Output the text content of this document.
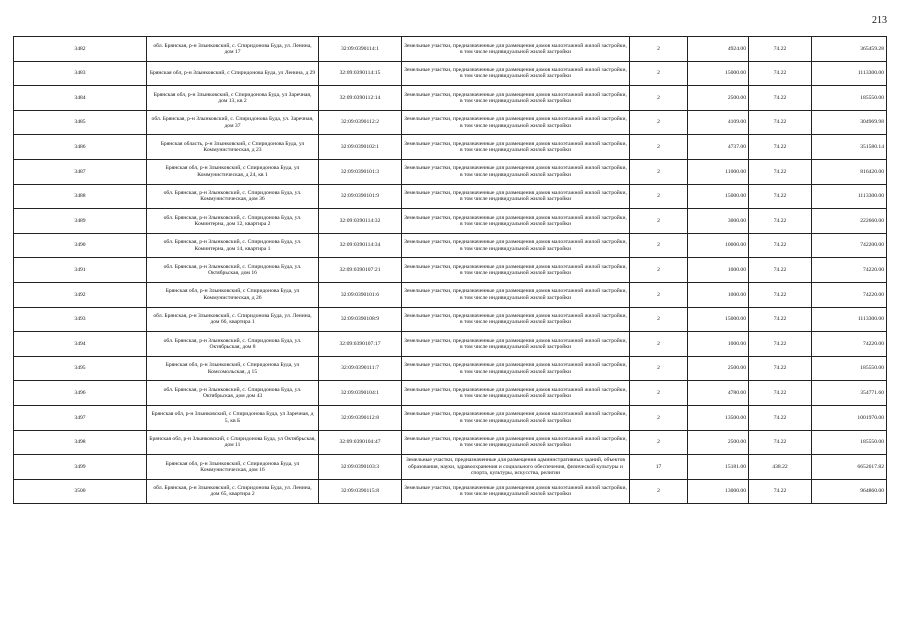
213
3482	обл. Брянская, р-н Злынковский, с. Спиридонова Буда, ул. Ленина, дом 17	32:09:0390114:1	Земельные участки, предназначенные для размещения домов малоэтажной жилой застройки, в том числе индивидуальной жилой застройки	2	4924.00	74.22	365459.28
3483	Брянская обл, р-н Злынковский, с Спиридонова Буда, ул Ленина, д 29	32:09:0390114:15	Земельные участки, предназначенные для размещения домов малоэтажной жилой застройки, в том числе индивидуальной жилой застройки	2	15000.00	74.22	1113300.00
3484	Брянская обл, р-н Злынковский, с Спиридонова Буда, ул Заречная, дом 13, кв 2	32:09:0390112:14	Земельные участки, предназначенные для размещения домов малоэтажной жилой застройки, в том числе индивидуальной жилой застройки	2	2500.00	74.22	185550.00
3485	обл. Брянская, р-н Злынковский, с. Спиридонова Буда, ул. Заречная, дом 37	32:09:0390112:2	Земельные участки, предназначенные для размещения домов малоэтажной жилой застройки, в том числе индивидуальной жилой застройки	2	4109.00	74.22	304969.98
3486	Брянская область, р-н Злынковский, с Спиридонова Буда, ул Коммунистическая, д 23	32:09:0390102:1	Земельные участки, предназначенные для размещения домов малоэтажной жилой застройки, в том числе индивидуальной жилой застройки	2	4737.00	74.22	351580.14
3487	Брянская обл, р-н Злынковский, с Спиридонова Буда, ул Коммунистическая, д 24, кв 1	32:09:0390101:3	Земельные участки, предназначенные для размещения домов малоэтажной жилой застройки, в том числе индивидуальной жилой застройки	2	11000.00	74.22	816420.00
3488	обл. Брянская, р-н Злынковский, с. Спиридонова Буда, ул. Коммунистическая, дом 36	32:09:0390101:9	Земельные участки, предназначенные для размещения домов малоэтажной жилой застройки, в том числе индивидуальной жилой застройки	2	15000.00	74.22	1113300.00
3489	обл. Брянская, р-н Злынковский, с. Спиридонова Буда, ул. Коминтерна, дом 12, квартира 2	32:09:0390114:32	Земельные участки, предназначенные для размещения домов малоэтажной жилой застройки, в том числе индивидуальной жилой застройки	2	3000.00	74.22	222660.00
3490	обл. Брянская, р-н Злынковский, с. Спиридонова Буда, ул. Коминтерна, дом 14, квартира 1	32:09:0390114:34	Земельные участки, предназначенные для размещения домов малоэтажной жилой застройки, в том числе индивидуальной жилой застройки	2	10000.00	74.22	742200.00
3491	обл. Брянская, р-н Злынковский, с. Спиридонова Буда, ул. Октябрьская, дом 16	32:09:0390107:21	Земельные участки, предназначенные для размещения домов малоэтажной жилой застройки, в том числе индивидуальной жилой застройки	2	1000.00	74.22	74220.00
3492	Брянская обл, р-н Злынковский, с Спиридонова Буда, ул Коммунистическая, д 26	32:09:0390101:6	Земельные участки, предназначенные для размещения домов малоэтажной жилой застройки, в том числе индивидуальной жилой застройки	2	1000.00	74.22	74220.00
3493	обл. Брянская, р-н Злынковский, с. Спиридонова Буда, ул. Ленина, дом 66, квартира 1	32:09:0390108:9	Земельные участки, предназначенные для размещения домов малоэтажной жилой застройки, в том числе индивидуальной жилой застройки	2	15000.00	74.22	1113300.00
3494	обл. Брянская, р-н Злынковский, с. Спиридонова Буда, ул. Октябрьская, дом 8	32:09:0390107:17	Земельные участки, предназначенные для размещения домов малоэтажной жилой застройки, в том числе индивидуальной жилой застройки	2	1000.00	74.22	74220.00
3495	Брянская обл, р-н Злынковский, с Спиридонова Буда, ул Комсомольская, д 15	32:09:0390111:7	Земельные участки, предназначенные для размещения домов малоэтажной жилой застройки, в том числе индивидуальной жилой застройки	2	2500.00	74.22	185550.00
3496	обл. Брянская, р-н Злынковский, с. Спиридонова Буда, ул. Октябрьская, дом дом 43	32:09:0390104:1	Земельные участки, предназначенные для размещения домов малоэтажной жилой застройки, в том числе индивидуальной жилой застройки	2	4780.00	74.22	354771.60
3497	Брянская обл, р-н Злынковский, с Спиридонова Буда, ул Заречная, д 5, кв Б	32:09:0390112:8	Земельные участки, предназначенные для размещения домов малоэтажной жилой застройки, в том числе индивидуальной жилой застройки	2	13500.00	74.22	1001970.00
3498	Брянская обл, р-н Злынковский, с Спиридонова Буда, ул Октябрьская, дом 11	32:09:0390104:47	Земельные участки, предназначенные для размещения домов малоэтажной жилой застройки, в том числе индивидуальной жилой застройки	2	2500.00	74.22	185550.00
3499	Брянская обл, р-н Злынковский, с Спиридонова Буда, ул Коммунистическая, дом 16	32:09:0390103:3	Земельные участки, предназначенные для размещения административных зданий, объектов образования, науки, здравоохранения и социального обеспечения, физической культуры и спорта, культуры, искусства, религии	17	15181.00	438.22	6652617.82
3500	обл. Брянская, р-н Злынковский, с. Спиридонова Буда, ул. Ленина, дом 65, квартира 2	32:09:0390115:8	Земельные участки, предназначенные для размещения домов малоэтажной жилой застройки, в том числе индивидуальной жилой застройки	2	13000.00	74.22	964860.00
